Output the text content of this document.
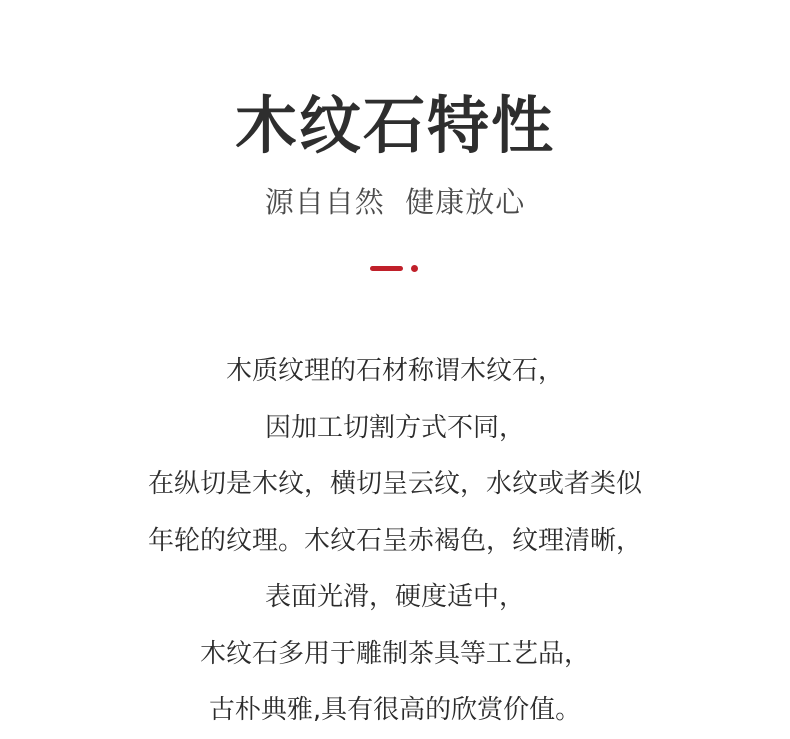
木纹石特性
源自自然  健康放心
木质纹理的石材称谓木纹石，
因加工切割方式不同，
在纵切是木纹，横切呈云纹，水纹或者类似
年轮的纹理。木纹石呈赤褐色，纹理清晰，
表面光滑，硬度适中，
木纹石多用于雕制茶具等工艺品，
古朴典雅,具有很高的欣赏价值。
